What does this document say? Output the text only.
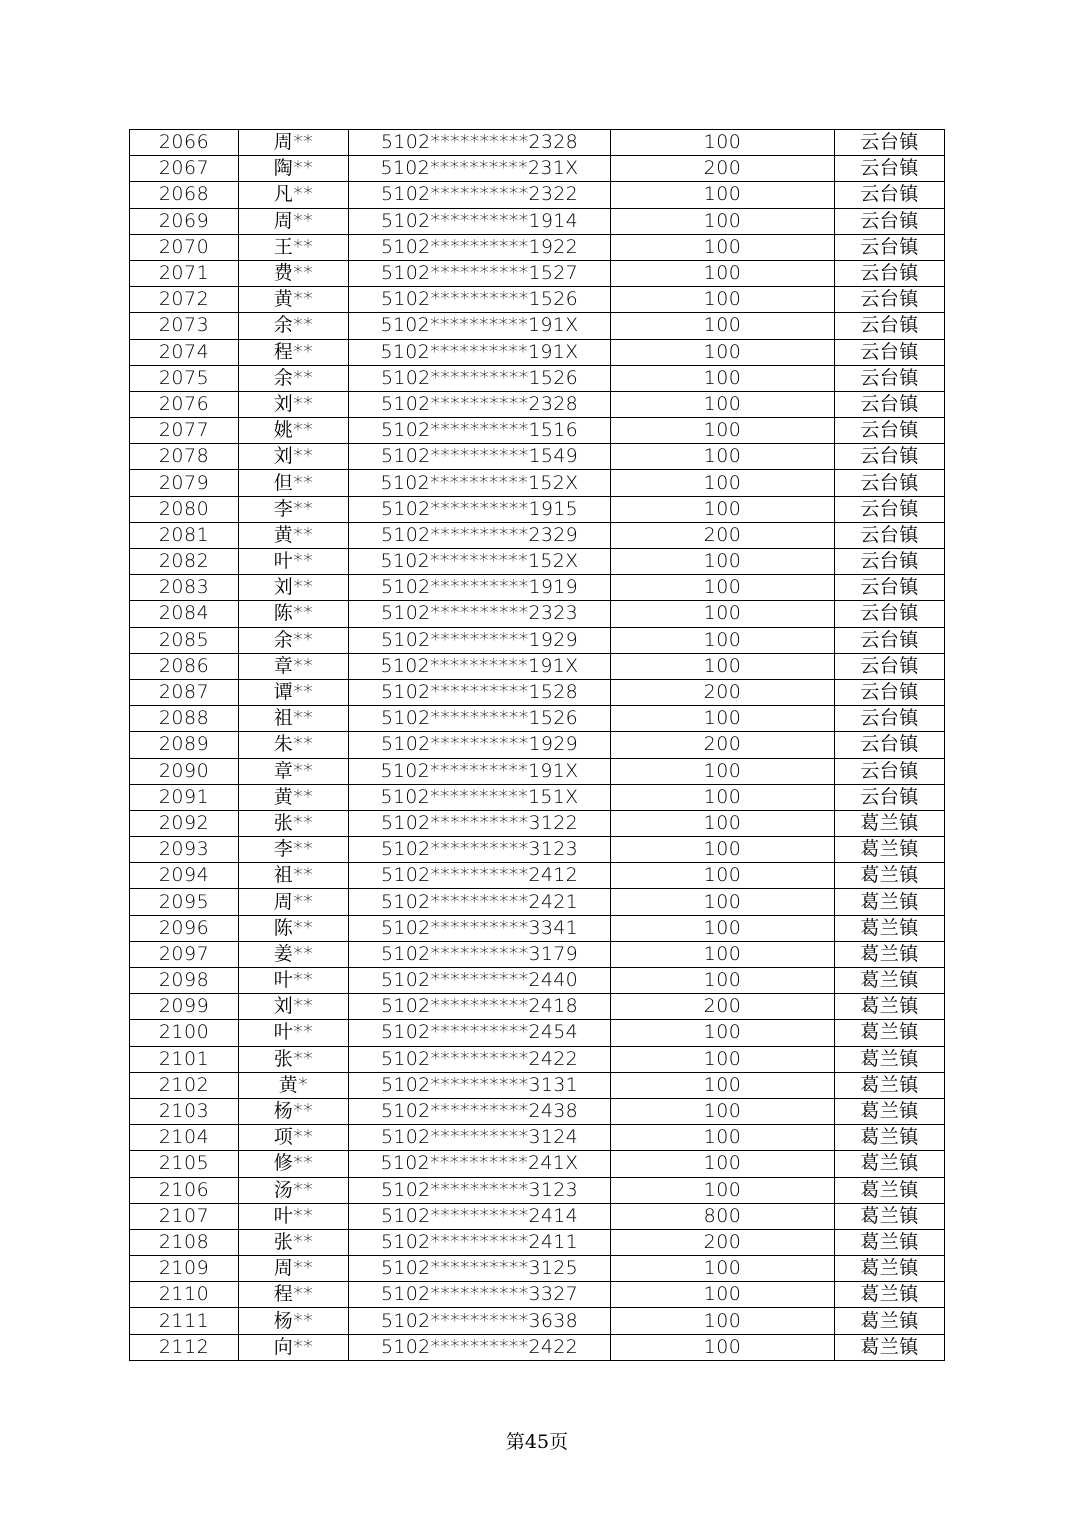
2066	周**	5102**********2328	100	云台镇
2067	陶**	5102**********231X	200	云台镇
2068	凡**	5102**********2322	100	云台镇
2069	周**	5102**********1914	100	云台镇
2070	王**	5102**********1922	100	云台镇
2071	费**	5102**********1527	100	云台镇
2072	黄**	5102**********1526	100	云台镇
2073	余**	5102**********191X	100	云台镇
2074	程**	5102**********191X	100	云台镇
2075	余**	5102**********1526	100	云台镇
2076	刘**	5102**********2328	100	云台镇
2077	姚**	5102**********1516	100	云台镇
2078	刘**	5102**********1549	100	云台镇
2079	但**	5102**********152X	100	云台镇
2080	李**	5102**********1915	100	云台镇
2081	黄**	5102**********2329	200	云台镇
2082	叶**	5102**********152X	100	云台镇
2083	刘**	5102**********1919	100	云台镇
2084	陈**	5102**********2323	100	云台镇
2085	余**	5102**********1929	100	云台镇
2086	章**	5102**********191X	100	云台镇
2087	谭**	5102**********1528	200	云台镇
2088	祖**	5102**********1526	100	云台镇
2089	朱**	5102**********1929	200	云台镇
2090	章**	5102**********191X	100	云台镇
2091	黄**	5102**********151X	100	云台镇
2092	张**	5102**********3122	100	葛兰镇
2093	李**	5102**********3123	100	葛兰镇
2094	祖**	5102**********2412	100	葛兰镇
2095	周**	5102**********2421	100	葛兰镇
2096	陈**	5102**********3341	100	葛兰镇
2097	姜**	5102**********3179	100	葛兰镇
2098	叶**	5102**********2440	100	葛兰镇
2099	刘**	5102**********2418	200	葛兰镇
2100	叶**	5102**********2454	100	葛兰镇
2101	张**	5102**********2422	100	葛兰镇
2102	黄*	5102**********3131	100	葛兰镇
2103	杨**	5102**********2438	100	葛兰镇
2104	项**	5102**********3124	100	葛兰镇
2105	修**	5102**********241X	100	葛兰镇
2106	汤**	5102**********3123	100	葛兰镇
2107	叶**	5102**********2414	800	葛兰镇
2108	张**	5102**********2411	200	葛兰镇
2109	周**	5102**********3125	100	葛兰镇
2110	程**	5102**********3327	100	葛兰镇
2111	杨**	5102**********3638	100	葛兰镇
2112	向**	5102**********2422	100	葛兰镇
第45页
